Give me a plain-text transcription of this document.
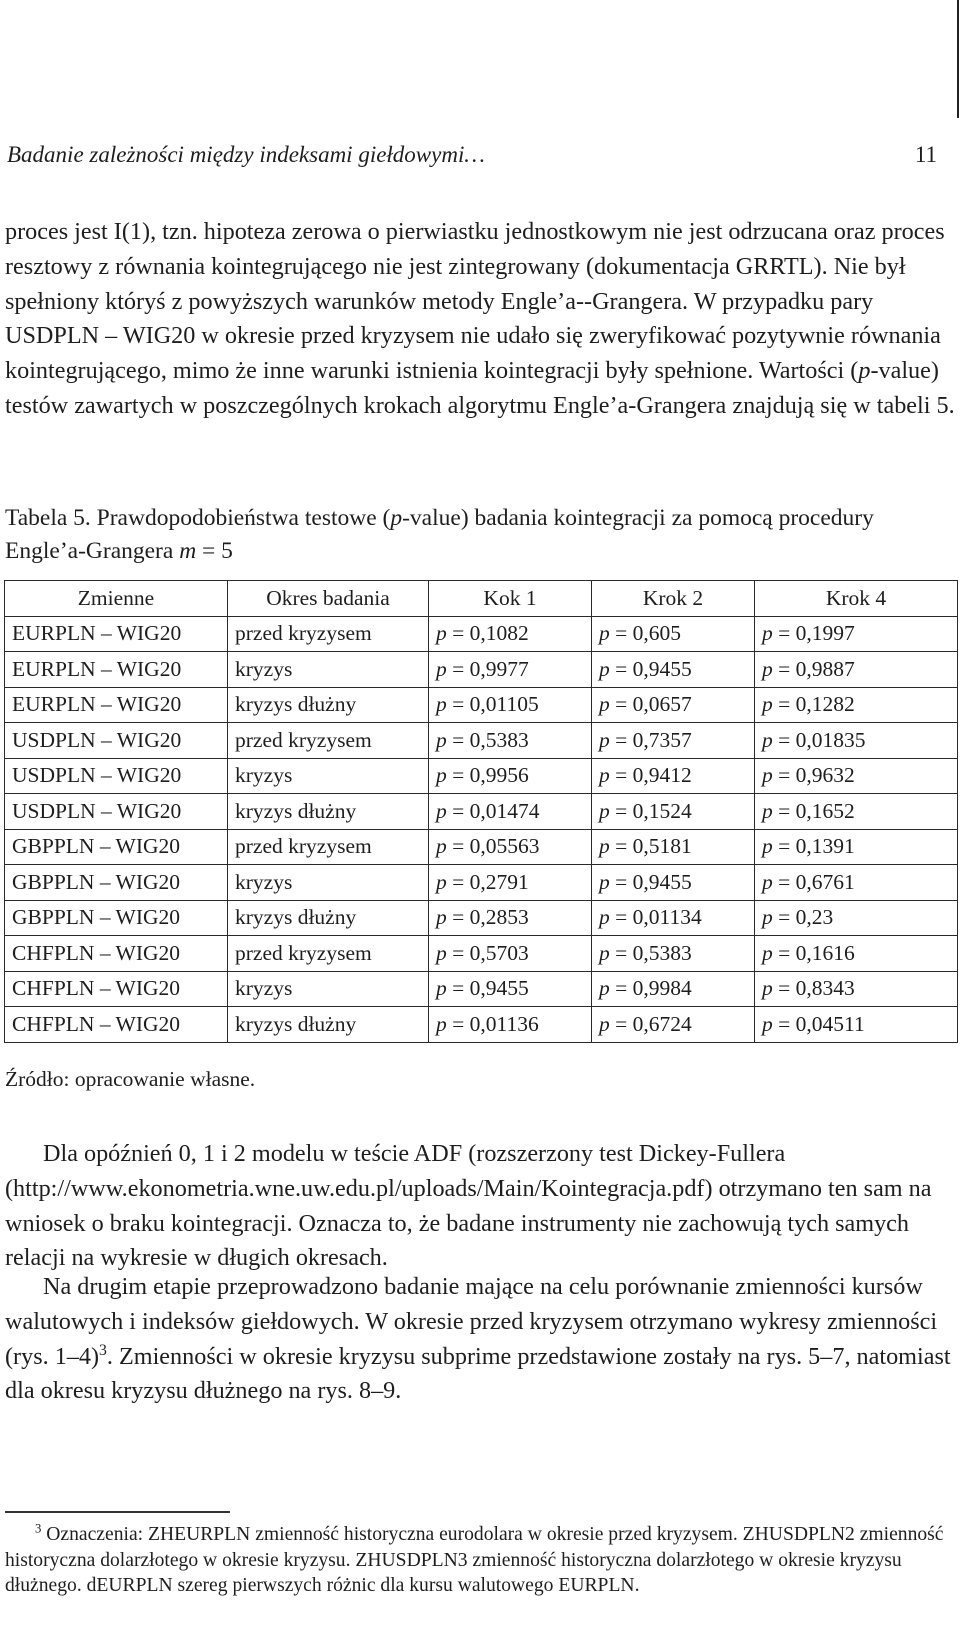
Badanie zależności między indeksami giełdowymi…	11

proces jest I(1), tzn. hipoteza zerowa o pierwiastku jednostkowym nie jest odrzucana oraz proces resztowy z równania kointegrującego nie jest zintegrowany (dokumentacja GRRTL). Nie był spełniony któryś z powyższych warunków metody Engle’a--Grangera. W przypadku pary USDPLN – WIG20 w okresie przed kryzysem nie udało się zweryfikować pozytywnie równania kointegrującego, mimo że inne warunki istnienia kointegracji były spełnione. Wartości (p-value) testów zawartych w poszczególnych krokach algorytmu Engle’a-Grangera znajdują się w tabeli 5.

Tabela 5. Prawdopodobieństwa testowe (p-value) badania kointegracji za pomocą procedury Engle’a-Grangera m = 5
Zmienne	Okres badania	Kok 1	Krok 2	Krok 4
EURPLN – WIG20	przed kryzysem	p = 0,1082	p = 0,605	p = 0,1997
EURPLN – WIG20	kryzys	p = 0,9977	p = 0,9455	p = 0,9887
EURPLN – WIG20	kryzys dłużny	p = 0,01105	p = 0,0657	p = 0,1282
USDPLN – WIG20	przed kryzysem	p = 0,5383	p = 0,7357	p = 0,01835
USDPLN – WIG20	kryzys	p = 0,9956	p = 0,9412	p = 0,9632
USDPLN – WIG20	kryzys dłużny	p = 0,01474	p = 0,1524	p = 0,1652
GBPPLN – WIG20	przed kryzysem	p = 0,05563	p = 0,5181	p = 0,1391
GBPPLN – WIG20	kryzys	p = 0,2791	p = 0,9455	p = 0,6761
GBPPLN – WIG20	kryzys dłużny	p = 0,2853	p = 0,01134	p = 0,23
CHFPLN – WIG20	przed kryzysem	p = 0,5703	p = 0,5383	p = 0,1616
CHFPLN – WIG20	kryzys	p = 0,9455	p = 0,9984	p = 0,8343
CHFPLN – WIG20	kryzys dłużny	p = 0,01136	p = 0,6724	p = 0,04511
Źródło: opracowanie własne.

Dla opóźnień 0, 1 i 2 modelu w teście ADF (rozszerzony test Dickey-Fullera (http://www.ekonometria.wne.uw.edu.pl/uploads/Main/Kointegracja.pdf) otrzymano ten sam na wniosek o braku kointegracji. Oznacza to, że badane instrumenty nie zachowują tych samych relacji na wykresie w długich okresach.

Na drugim etapie przeprowadzono badanie mające na celu porównanie zmienności kursów walutowych i indeksów giełdowych. W okresie przed kryzysem otrzymano wykresy zmienności (rys. 1–4)$^3$. Zmienności w okresie kryzysu subprime przedstawione zostały na rys. 5–7, natomiast dla okresu kryzysu dłużnego na rys. 8–9.

$^3$ Oznaczenia: ZHEURPLN zmienność historyczna eurodolara w okresie przed kryzysem. ZHUSDPLN2 zmienność historyczna dolarzłotego w okresie kryzysu. ZHUSDPLN3 zmienność historyczna dolarzłotego w okresie kryzysu dłużnego. dEURPLN szereg pierwszych różnic dla kursu walutowego EURPLN.
